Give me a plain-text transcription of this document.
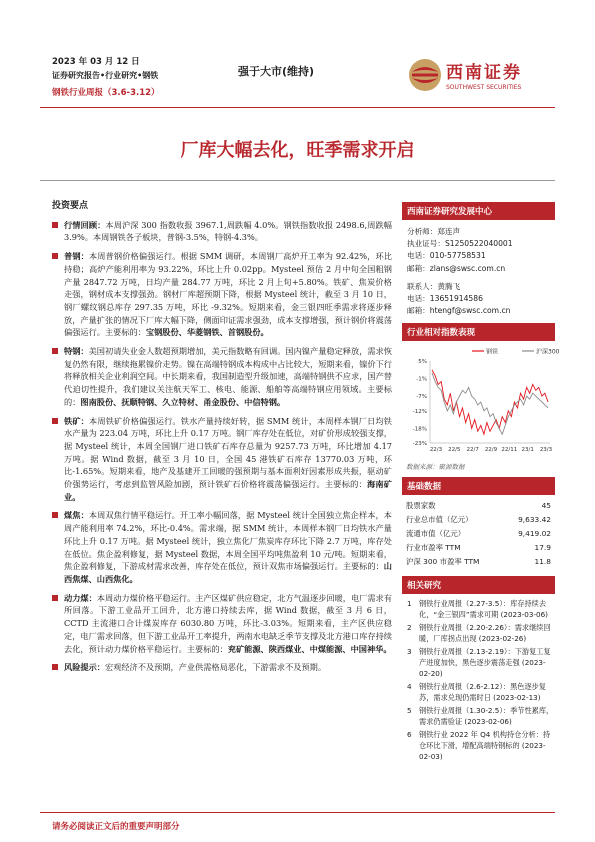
2023 年 03 月 12 日
证券研究报告•行业研究•钢铁
钢铁行业周报（3.6-3.12）
强于大市(维持)	西南证券
SOUTHWEST SECURITIES
厂库大幅去化，旺季需求开启
投资要点
行情回顾：本周沪深 300 指数收报 3967.1,周跌幅 4.0%。钢铁指数收报 2498.6,周跌幅 3.9%。本周钢铁各子板块，普钢-3.5%，特钢-4.3%。
普钢：本周普钢价格偏强运行。根据 SMM 调研，本周钢厂高炉开工率为 92.42%，环比持稳；高炉产能利用率为 93.22%，环比上升 0.02pp。Mysteel 预估 2 月中旬全国粗钢产量 2847.72 万吨，日均产量 284.77 万吨，环比 2 月上旬+5.80%。铁矿、焦炭价格走强，钢材成本支撑强劲。钢材厂库超预期下降，根据 Mysteel 统计，截至 3 月 10 日，钢厂螺纹钢总库存 297.35 万吨，环比 -9.32%。短期来看，金三银四旺季需求将逐步释放，产量扩张的情况下厂库大幅下降，侧面印证需求强劲，成本支撑增强，预计钢价将震荡偏强运行。主要标的：宝钢股份、华菱钢铁、首钢股份。
特钢：美国初请失业金人数超预期增加，美元指数略有回调。国内镍产量稳定释放，需求恢复仍然有限，继续拖累镍价走势。镍在高端特钢成本构成中占比较大，短期来看，镍价下行将释放相关企业利润空间。中长期来看，我国制造型升级加速，高端特钢供不应求，国产替代迫切性提升，我们建议关注航天军工、核电、能源、船舶等高端特钢应用领域。主要标的：图南股份、抚顺特钢、久立特材、甬金股份、中信特钢。
铁矿：本周铁矿价格偏强运行。铁水产量持续好转，据 SMM 统计，本周样本钢厂日均铁水产量为 223.04 万吨，环比上升 0.17 万吨。钢厂库存处在低位，对矿价形成较强支撑，据 Mysteel 统计，本周全国钢厂进口铁矿石库存总量为 9257.73 万吨，环比增加 4.17 万吨。据 Wind 数据，截至 3 月 10 日，全国 45 港铁矿石库存 13770.03 万吨，环比-1.65%。短期来看，地产及基建开工回暖的强预期与基本面利好因素形成共振，驱动矿价强势运行，考虑到监管风险加剧，预计铁矿石价格将震荡偏强运行。主要标的：海南矿业。
煤焦：本周双焦行情平稳运行。开工率小幅回落，据 Mysteel 统计全国独立焦企样本，本周产能利用率 74.2%，环比-0.4%。需求端，据 SMM 统计，本周样本钢厂日均铁水产量环比上升 0.17 万吨。据 Mysteel 统计，独立焦化厂焦炭库存环比下降 2.7 万吨，库存处在低位。焦企盈利修复，据 Mysteel 数据，本周全国平均吨焦盈利 10 元/吨。短期来看，焦企盈利修复，下游成材需求改善，库存处在低位，预计双焦市场偏强运行。主要标的：山西焦煤、山西焦化。
动力煤：本周动力煤价格平稳运行。主产区煤矿供应稳定，北方气温逐步回暖，电厂需求有所回落。下游工业品开工回升，北方港口持续去库，据 Wind 数据，截至 3 月 6 日，CCTD 主流港口合计煤炭库存 6030.80 万吨，环比-3.03%。短期来看，主产区供应稳定，电厂需求回落，但下游工业品开工率提升，两南水电缺乏季节支撑及北方港口库存持续去化，预计动力煤价格平稳运行。主要标的：兖矿能源、陕西煤业、中煤能源、中国神华。
风险提示：宏观经济不及预期，产业供需格局恶化，下游需求不及预期。
西南证券研究发展中心
分析师：郑连声
执业证号：S1250522040001
电话：010-57758531
邮箱：zlans@swsc.com.cn
联系人：黄腾飞
电话：13651914586
邮箱：htengf@swsc.com.cn
行业相对指数表现
钢铁	沪深300
5%
-1%
-7%
-12%
-18%
-23%
22/3 22/5 22/7 22/9 22/11 23/1 23/3
数据来源：聚源数据
基础数据
股票家数	45
行业总市值（亿元）	9,633.42
流通市值（亿元）	9,419.02
行业市盈率 TTM	17.9
沪深 300 市盈率 TTM	11.8
相关研究
1	钢铁行业周报（2.27-3.5）：库存持续去化，“金三银四”需求可期 (2023-03-06)
2	钢铁行业周报（2.20-2.26）：需求继续回暖，厂库拐点出现 (2023-02-26)
3	钢铁行业周报（2.13-2.19）：下游复工复产进度加快，黑色逐步震荡走强 (2023-02-20)
4	钢铁行业周报（2.6-2.12）：黑色逐步复苏，需求兑现仍需时日 (2023-02-13)
5	钢铁行业周报（1.30-2.5）：季节性累库，需求仍需验证 (2023-02-06)
6	钢铁行业 2022 年 Q4 机构持仓分析：持仓环比下滑，增配高端特钢标的 (2023-02-03)
请务必阅读正文后的重要声明部分
